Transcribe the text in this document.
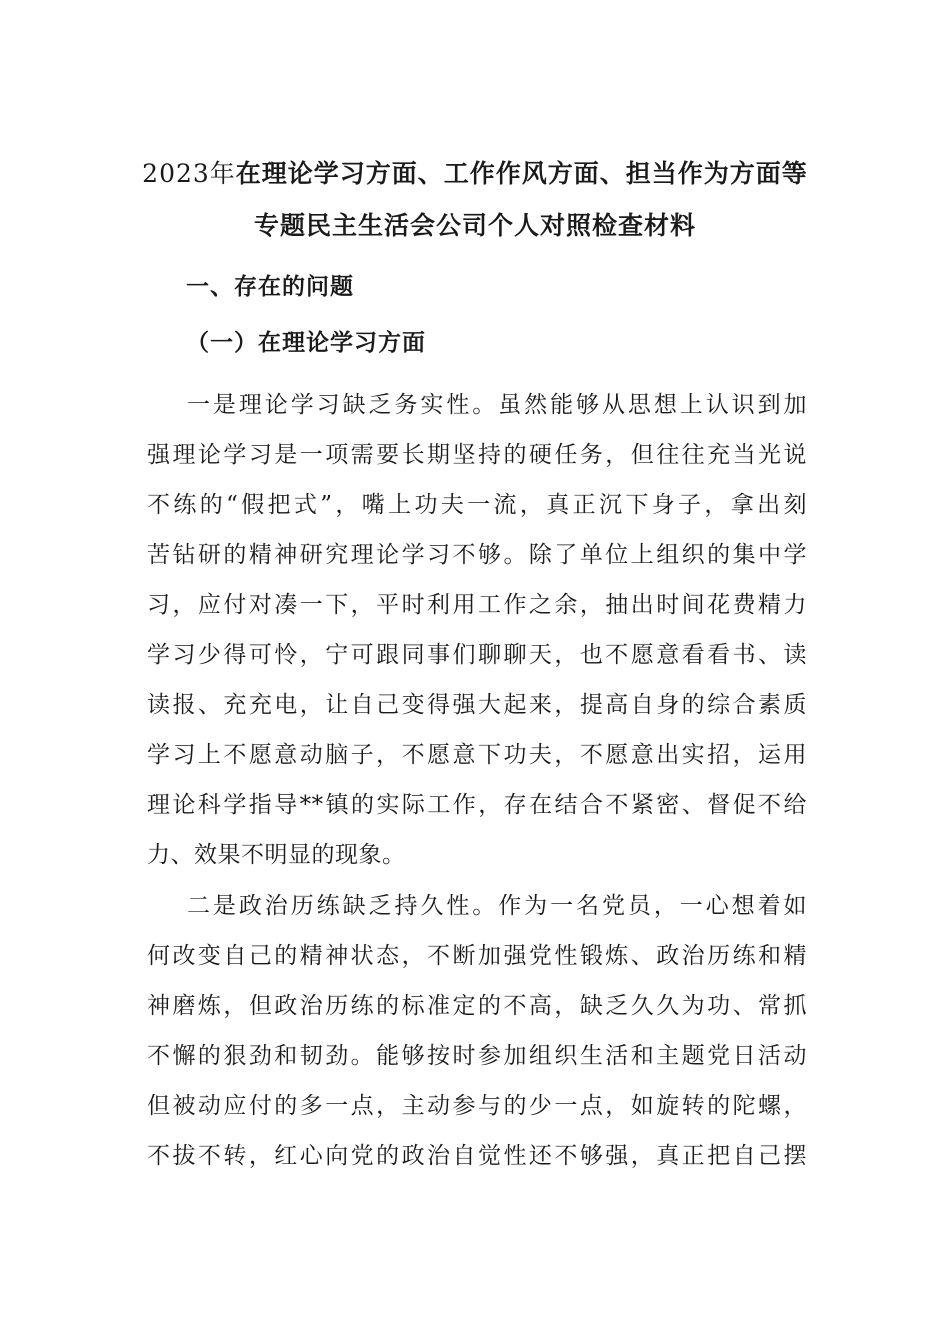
2023年在理论学习方面、工作作风方面、担当作为方面等
专题民主生活会公司个人对照检查材料
一、存在的问题
（一）在理论学习方面
一是理论学习缺乏务实性。虽然能够从思想上认识到加
强理论学习是一项需要长期坚持的硬任务，但往往充当光说
不练的“假把式”，嘴上功夫一流，真正沉下身子，拿出刻
苦钻研的精神研究理论学习不够。除了单位上组织的集中学
习，应付对凑一下，平时利用工作之余，抽出时间花费精力
学习少得可怜，宁可跟同事们聊聊天，也不愿意看看书、读
读报、充充电，让自己变得强大起来，提高自身的综合素质
学习上不愿意动脑子，不愿意下功夫，不愿意出实招，运用
理论科学指导**镇的实际工作，存在结合不紧密、督促不给
力、效果不明显的现象。
二是政治历练缺乏持久性。作为一名党员，一心想着如
何改变自己的精神状态，不断加强党性锻炼、政治历练和精
神磨炼，但政治历练的标准定的不高，缺乏久久为功、常抓
不懈的狠劲和韧劲。能够按时参加组织生活和主题党日活动
但被动应付的多一点，主动参与的少一点，如旋转的陀螺，
不拔不转，红心向党的政治自觉性还不够强，真正把自己摆
